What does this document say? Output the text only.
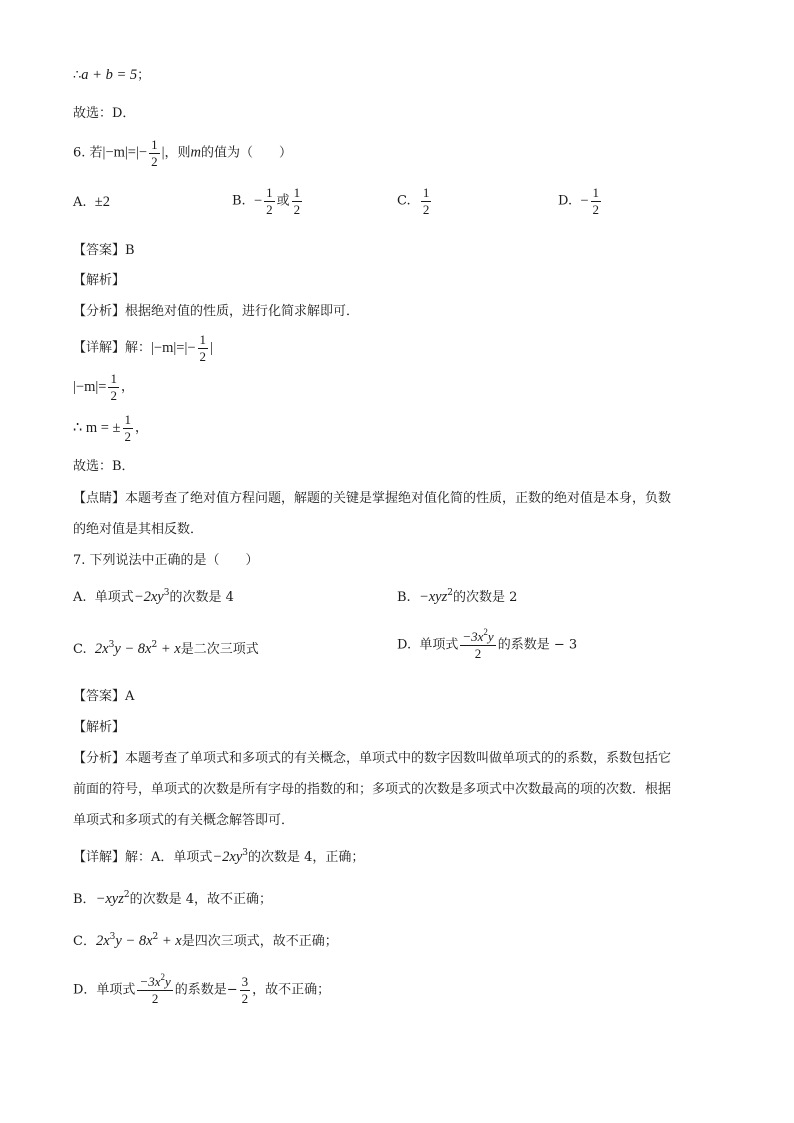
∴a + b = 5；
故选：D．
6. 若$|-m|=|- \frac{1}{2}$ |，则m的值为（　　）
A. ±2	B. − $\frac{1}{2}$ 或 $\frac{1}{2}$	C. $\frac{1}{2}$	D. − $\frac{1}{2}$
【答案】B
【解析】
【分析】根据绝对值的性质，进行化简求解即可．
【详解】解：$|-m|=|- \frac{1}{2}$ |
$|-m|= \frac{1}{2}$ ，
∴ m = ± $\frac{1}{2}$ ，
故选：B．
【点睛】本题考查了绝对值方程问题，解题的关键是掌握绝对值化简的性质，正数的绝对值是本身，负数
的绝对值是其相反数．
7. 下列说法中正确的是（　　）
A. 单项式$-2xy^3$的次数是 4	B. −xyz$^2$的次数是 2
C. $2x^3y - 8x^2 + x$是二次三项式	D. 单项式 $\frac{-3x^2y}{2}$ 的系数是 − 3
【答案】A
【解析】
【分析】本题考查了单项式和多项式的有关概念，单项式中的数字因数叫做单项式的的系数，系数包括它
前面的符号，单项式的次数是所有字母的指数的和；多项式的次数是多项式中次数最高的项的次数．根据
单项式和多项式的有关概念解答即可．
【详解】解：A．单项式$-2xy^3$的次数是 4，正确；
B．−xyz$^2$的次数是 4，故不正确；
C．$2x^3y - 8x^2 + x$是四次三项式，故不正确；
D．单项式 $\frac{-3x^2y}{2}$ 的系数是− $\frac{3}{2}$ ，故不正确；
